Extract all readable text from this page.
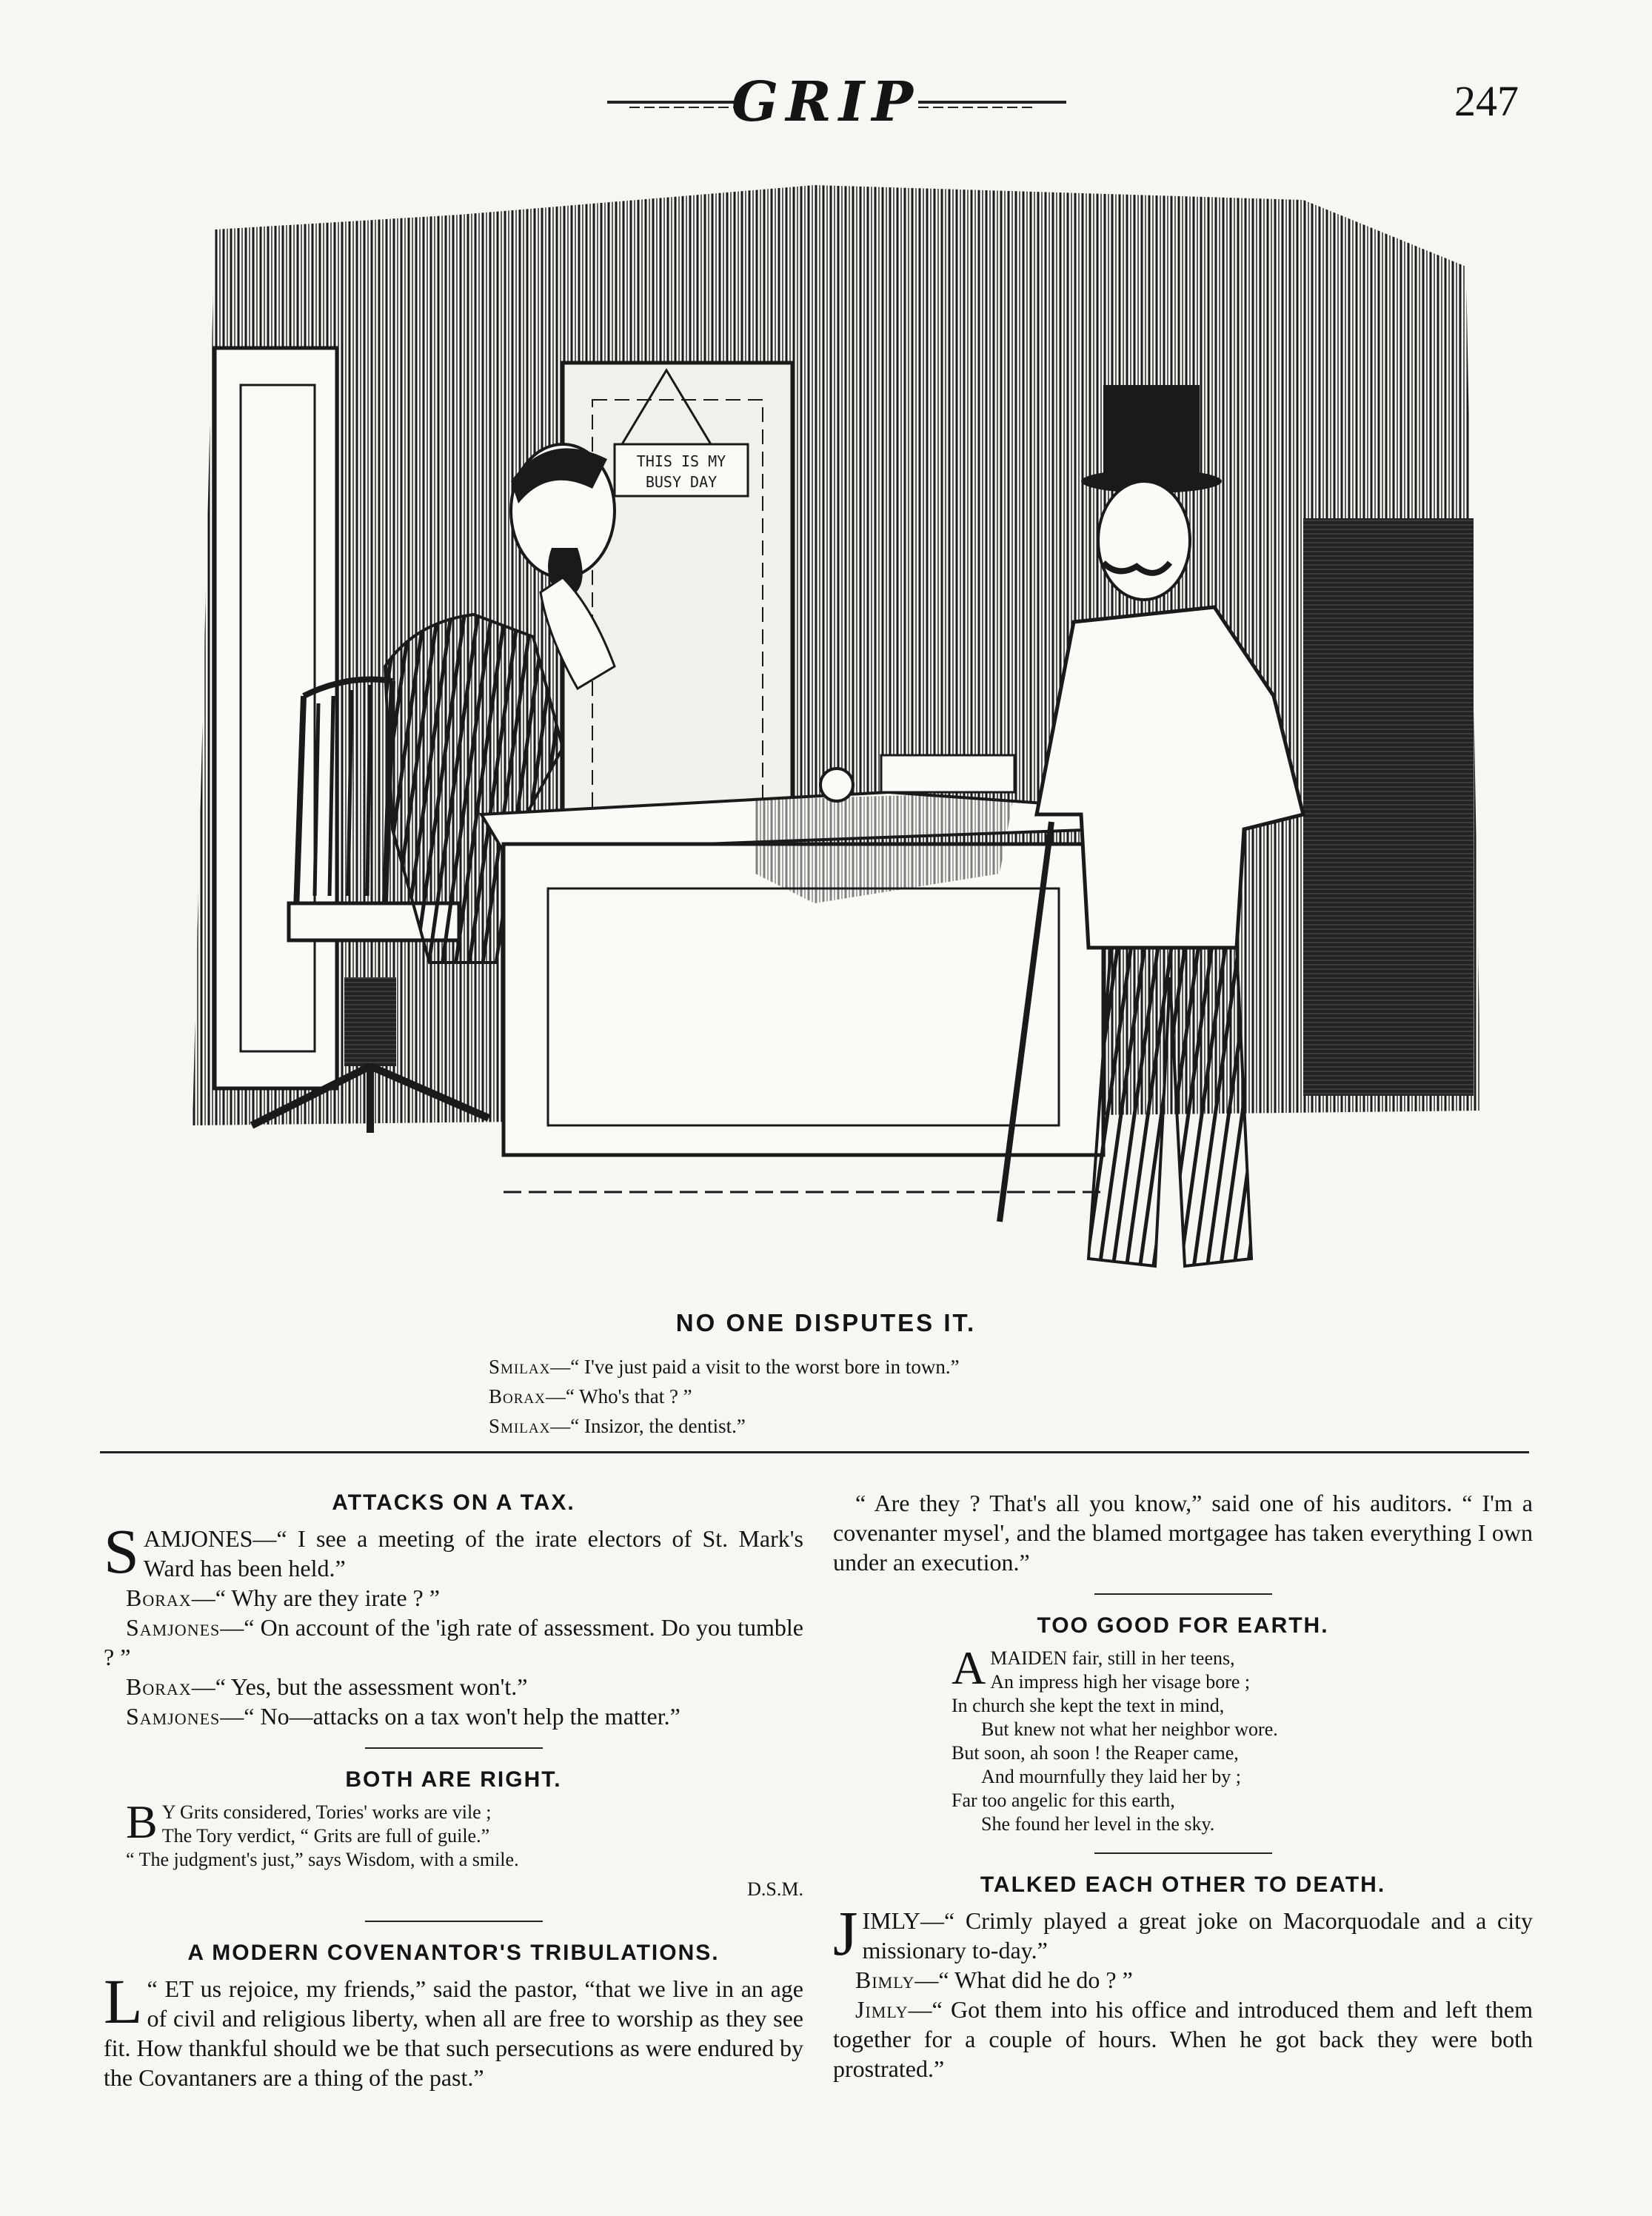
GRIP	247
THIS IS MY
BUSY DAY
NO ONE DISPUTES IT.
Smilax—“ I've just paid a visit to the worst bore in town.”
Borax—“ Who's that ? ”
Smilax—“ Insizor, the dentist.”
ATTACKS ON A TAX.

SAMJONES—“ I see a meeting of the irate electors of St. Mark's Ward has been held.”

Borax—“ Why are they irate ? ”

Samjones—“ On account of the 'igh rate of assessment. Do you tumble ? ”

Borax—“ Yes, but the assessment won't.”

Samjones—“ No—attacks on a tax won't help the matter.”

BOTH ARE RIGHT.
B Y Grits considered, Tories' works are vile ;
The Tory verdict, “ Grits are full of guile.”
“ The judgment's just,” says Wisdom, with a smile.
D.S.M.
A MODERN COVENANTOR'S TRIBULATIONS.

“
L ET us rejoice, my friends,” said the pastor, “that we live in an age of civil and religious liberty, when all are free to worship as they see fit. How thankful should we be that such persecutions as were endured by the Covantaners are a thing of the past.”

“ Are they ? That's all you know,” said one of his auditors. “ I'm a covenanter mysel', and the blamed mortgagee has taken everything I own under an execution.”

TOO GOOD FOR EARTH.
AMAIDEN fair, still in her teens,
An impress high her visage bore ;
In church she kept the text in mind,
But knew not what her neighbor wore.
But soon, ah soon ! the Reaper came,
And mournfully they laid her by ;
Far too angelic for this earth,
She found her level in the sky.
TALKED EACH OTHER TO DEATH.

JIMLY—“ Crimly played a great joke on Macorquodale and a city missionary to-day.”

Bimly—“ What did he do ? ”

Jimly—“ Got them into his office and introduced them and left them together for a couple of hours. When he got back they were both prostrated.”
